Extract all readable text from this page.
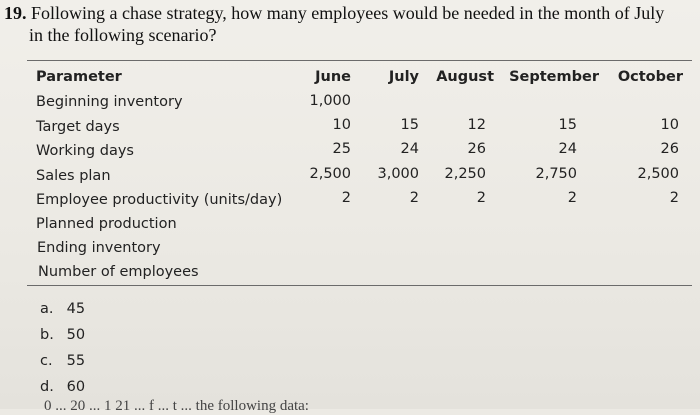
19. Following a chase strategy, how many employees would be needed in the month of July
in the following scenario?
Parameter	June	July	August	September	October
Beginning inventory	1,000
Target days	10	15	12	15	10
Working days	25	24	26	24	26
Sales plan	2,500	3,000	2,250	2,750	2,500
Employee productivity (units/day)	2	2	2	2	2
Planned production
Ending inventory
Number of employees
a. 45
b. 50
c. 55
d. 60
0 ... 20 ... 1 21 ... f ... t ... the following data:
